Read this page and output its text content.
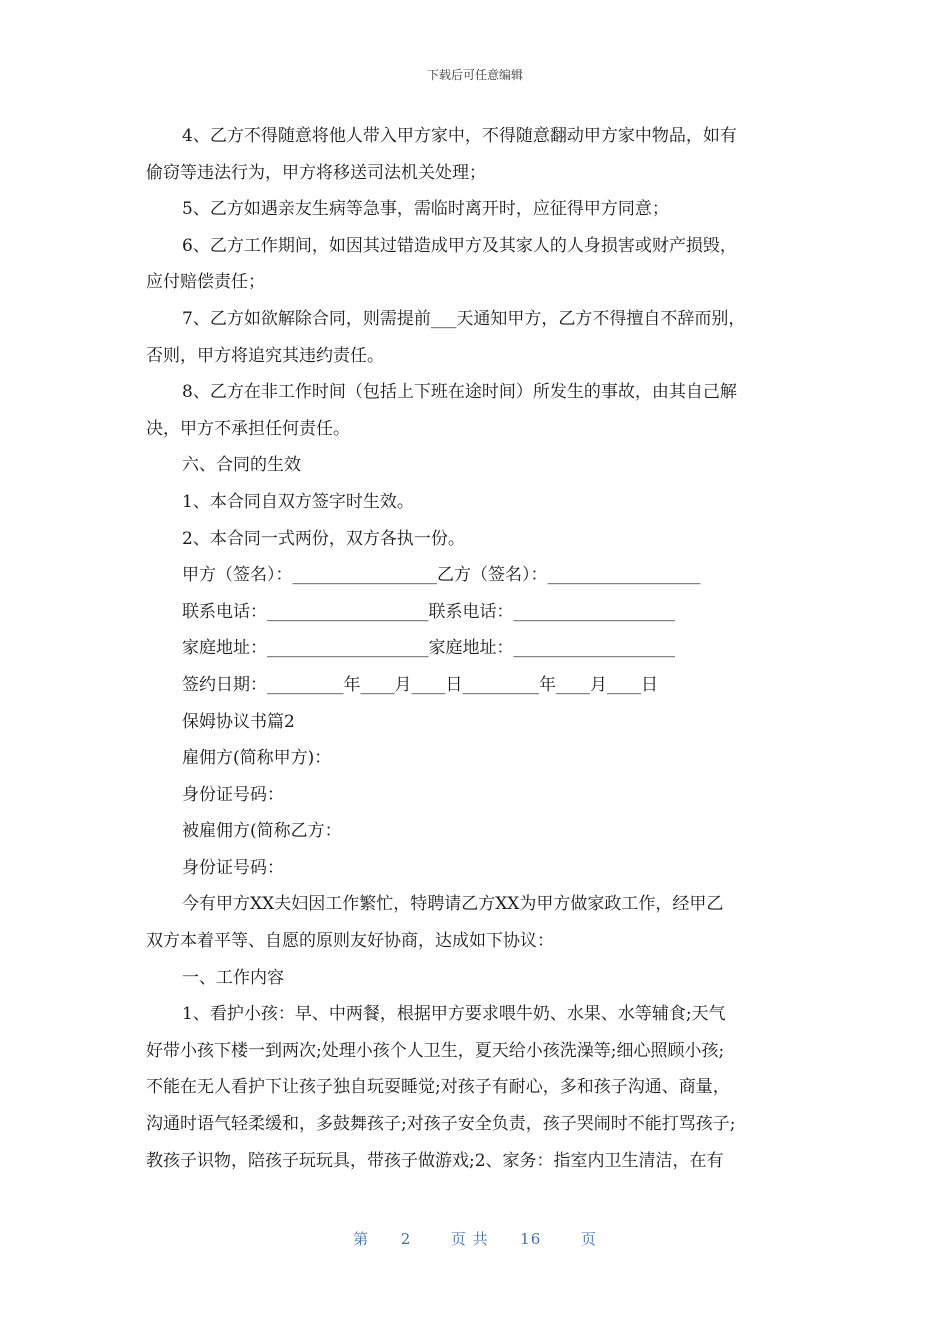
下载后可任意编辑
4、乙方不得随意将他人带入甲方家中，不得随意翻动甲方家中物品，如有
偷窃等违法行为，甲方将移送司法机关处理；
5、乙方如遇亲友生病等急事，需临时离开时，应征得甲方同意；
6、乙方工作期间，如因其过错造成甲方及其家人的人身损害或财产损毁，
应付赔偿责任；
7、乙方如欲解除合同，则需提前___天通知甲方，乙方不得擅自不辞而别，
否则，甲方将追究其违约责任。
8、乙方在非工作时间（包括上下班在途时间）所发生的事故，由其自己解
决，甲方不承担任何责任。
六、合同的生效
1、本合同自双方签字时生效。
2、本合同一式两份，双方各执一份。
甲方（签名）：_________________乙方（签名）：__________________
联系电话：___________________联系电话：___________________
家庭地址：___________________家庭地址：___________________
签约日期：_________年____月____日_________年____月____日
保姆协议书篇2
雇佣方(简称甲方)：
身份证号码：
被雇佣方(简称乙方：
身份证号码：
今有甲方XX夫妇因工作繁忙，特聘请乙方XX为甲方做家政工作，经甲乙
双方本着平等、自愿的原则友好协商，达成如下协议：
一、工作内容
1、看护小孩：早、中两餐，根据甲方要求喂牛奶、水果、水等辅食;天气
好带小孩下楼一到两次;处理小孩个人卫生，夏天给小孩洗澡等;细心照顾小孩;
不能在无人看护下让孩子独自玩耍睡觉;对孩子有耐心，多和孩子沟通、商量，
沟通时语气轻柔缓和，多鼓舞孩子;对孩子安全负责，孩子哭闹时不能打骂孩子;
教孩子识物，陪孩子玩玩具，带孩子做游戏;2、家务：指室内卫生清洁，在有
第 2	页 共 16	页
